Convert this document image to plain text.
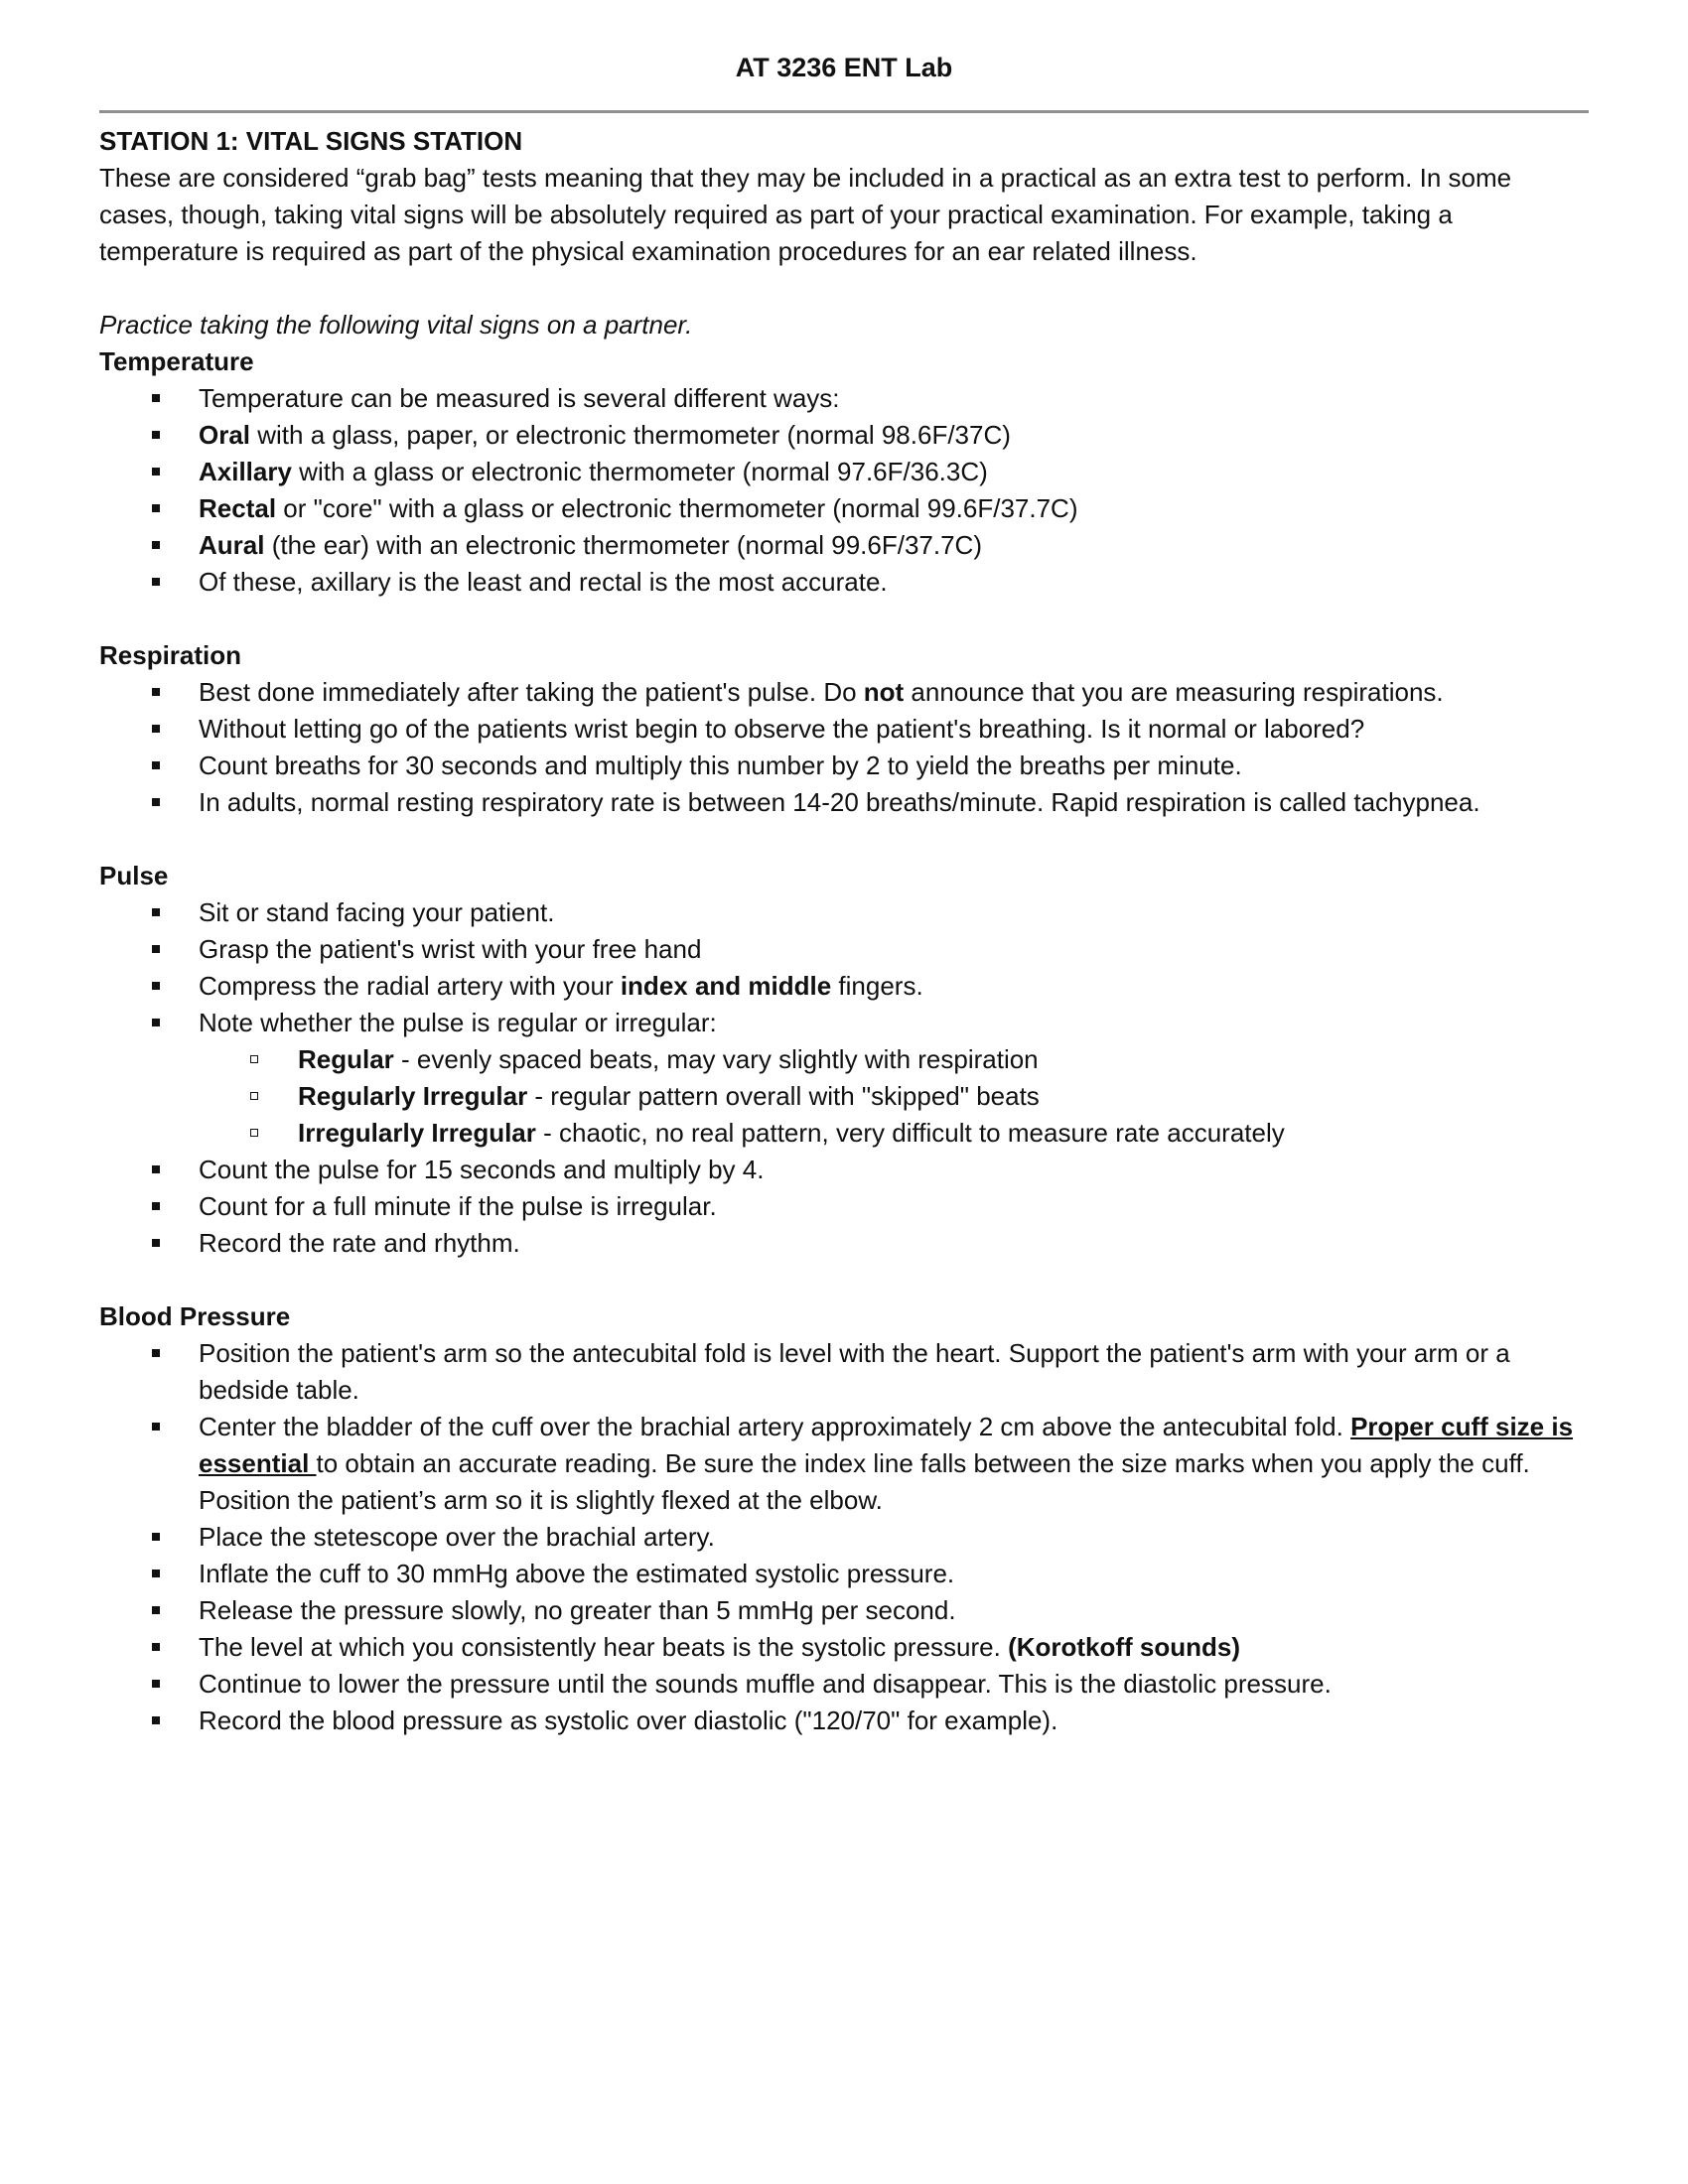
AT 3236 ENT Lab

STATION 1: VITAL SIGNS STATION

These are considered “grab bag” tests meaning that they may be included in a practical as an extra test to perform. In some cases, though, taking vital signs will be absolutely required as part of your practical examination. For example, taking a temperature is required as part of the physical examination procedures for an ear related illness.

Practice taking the following vital signs on a partner.

Temperature

Temperature can be measured is several different ways:
Oral with a glass, paper, or electronic thermometer (normal 98.6F/37C)
Axillary with a glass or electronic thermometer (normal 97.6F/36.3C)
Rectal or "core" with a glass or electronic thermometer (normal 99.6F/37.7C)
Aural (the ear) with an electronic thermometer (normal 99.6F/37.7C)
Of these, axillary is the least and rectal is the most accurate.

Respiration

Best done immediately after taking the patient's pulse. Do not announce that you are measuring respirations.
Without letting go of the patients wrist begin to observe the patient's breathing. Is it normal or labored?
Count breaths for 30 seconds and multiply this number by 2 to yield the breaths per minute.
In adults, normal resting respiratory rate is between 14-20 breaths/minute. Rapid respiration is called tachypnea.

Pulse

Sit or stand facing your patient.
Grasp the patient's wrist with your free hand
Compress the radial artery with your index and middle fingers.
Note whether the pulse is regular or irregular:
Regular - evenly spaced beats, may vary slightly with respiration
Regularly Irregular - regular pattern overall with "skipped" beats
Irregularly Irregular - chaotic, no real pattern, very difficult to measure rate accurately
Count the pulse for 15 seconds and multiply by 4.
Count for a full minute if the pulse is irregular.
Record the rate and rhythm.

Blood Pressure

Position the patient's arm so the antecubital fold is level with the heart. Support the patient's arm with your arm or a bedside table.
Center the bladder of the cuff over the brachial artery approximately 2 cm above the antecubital fold. Proper cuff size is essential to obtain an accurate reading. Be sure the index line falls between the size marks when you apply the cuff. Position the patient’s arm so it is slightly flexed at the elbow.
Place the stetescope over the brachial artery.
Inflate the cuff to 30 mmHg above the estimated systolic pressure.
Release the pressure slowly, no greater than 5 mmHg per second.
The level at which you consistently hear beats is the systolic pressure. (Korotkoff sounds)
Continue to lower the pressure until the sounds muffle and disappear. This is the diastolic pressure.
Record the blood pressure as systolic over diastolic ("120/70" for example).
